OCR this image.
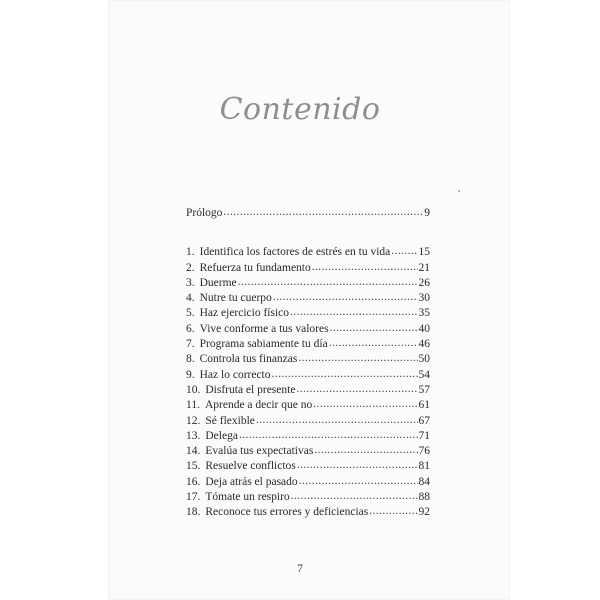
Contenido
Prólogo .....	9
1. Identifica los factores de estrés en tu vida ..... 15
2. Refuerza tu fundamento .....	21
3. Duerme .....	26
4. Nutre tu cuerpo .....	30
5. Haz ejercicio físico .....	35
6. Vive conforme a tus valores .....	40
7. Programa sabiamente tu día .....	46
8. Controla tus finanzas .....	50
9. Haz lo correcto .....	54
10. Disfruta el presente .....	57
11. Aprende a decir que no .....	61
12. Sé flexible .....	67
13. Delega .....	71
14. Evalúa tus expectativas .....	76
15. Resuelve conflictos .....	81
16. Deja atrás el pasado .....	84
17. Tómate un respiro .....	88
18. Reconoce tus errores y deficiencias .....	92
7
